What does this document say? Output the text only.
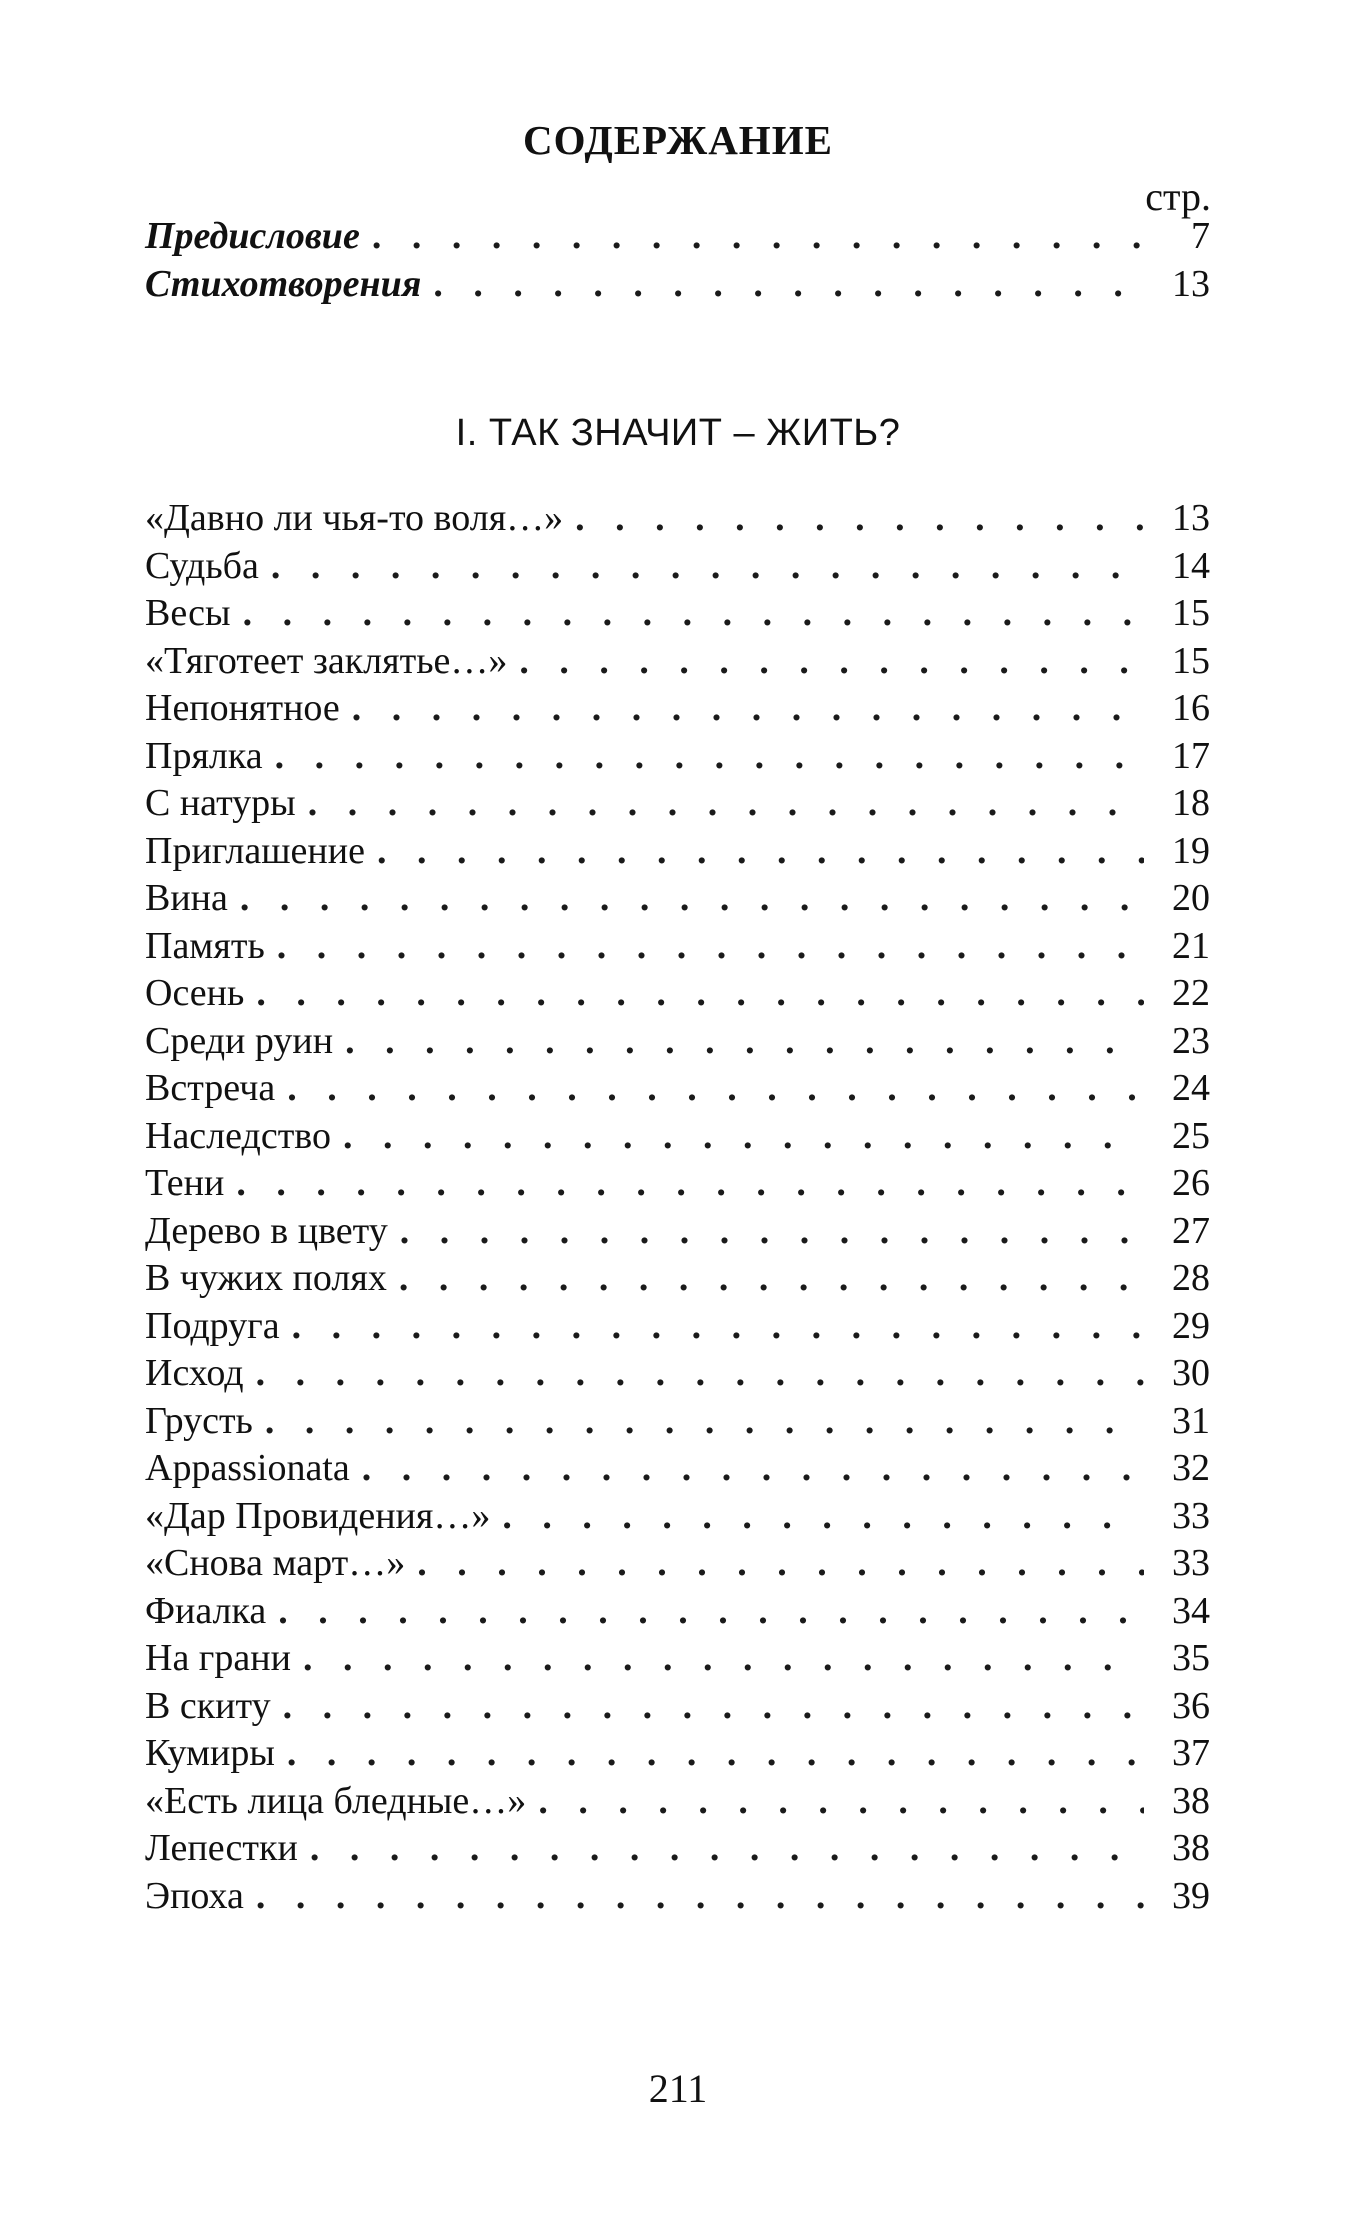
СОДЕРЖАНИЕ
стр.
Предисловие . . .	7
Стихотворения . . .	13
I. ТАК ЗНАЧИТ – ЖИТЬ?
«Давно ли чья-то воля…» . . .	13
Судьба . . .	14
Весы . . .	15
«Тяготеет заклятье…» . . .	15
Непонятное . . .	16
Прялка . . .	17
С натуры . . .	18
Приглашение . . .	19
Вина . . .	20
Память . . .	21
Осень . . .	22
Среди руин . . .	23
Встреча . . .	24
Наследство . . .	25
Тени . . .	26
Дерево в цвету . . .	27
В чужих полях . . .	28
Подруга . . .	29
Исход . . .	30
Грусть . . .	31
Appassionata . . .	32
«Дар Провидения…» . . .	33
«Снова март…» . . .	33
Фиалка . . .	34
На грани . . .	35
В скиту . . .	36
Кумиры . . .	37
«Есть лица бледные…» . . .	38
Лепестки . . .	38
Эпоха . . .	39
211
